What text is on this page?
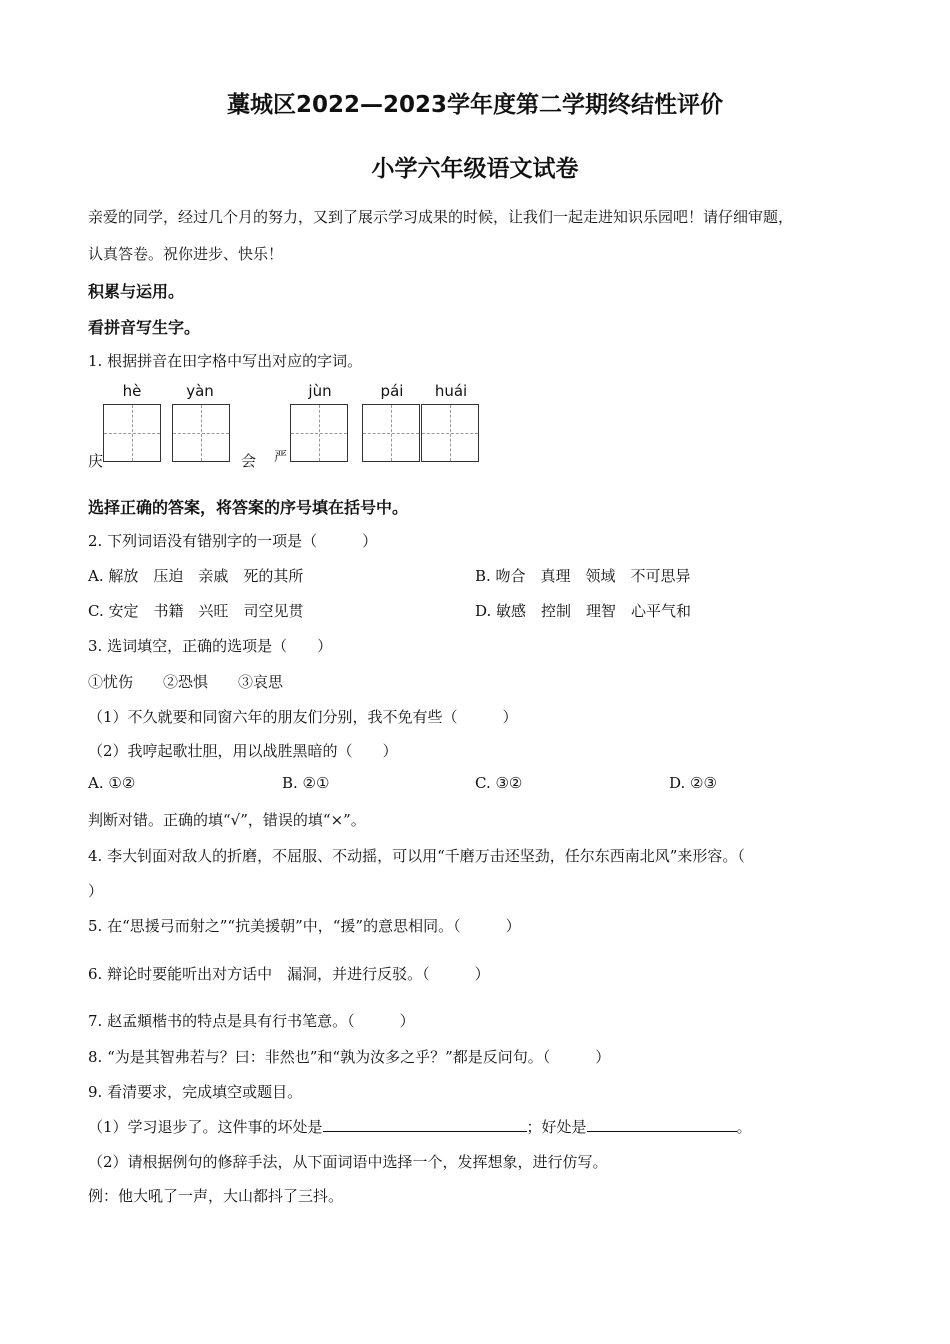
藁城区2022—2023学年度第二学期终结性评价
小学六年级语文试卷
亲爱的同学，经过几个月的努力，又到了展示学习成果的时候，让我们一起走进知识乐园吧！请仔细审题，
认真答卷。祝你进步、快乐！
积累与运用。
看拼音写生字。
1. 根据拼音在田字格中写出对应的字词。
hè	yàn	jùn	pái	huái
庆	会 严
选择正确的答案，将答案的序号填在括号中。
2. 下列词语没有错别字的一项是（　　　）
A. 解放　压迫　亲戚　死的其所	B. 吻合　真理　领域　不可思异
C. 安定　书籍　兴旺　司空见贯	D. 敏感　控制　理智　心平气和
3. 选词填空，正确的选项是（　　）
①忧伤　　②恐惧　　③哀思
（1）不久就要和同窗六年的朋友们分别，我不免有些（　　　）
（2）我哼起歌壮胆，用以战胜黑暗的（　　）
A. ①②	B. ②①	C. ③②	D. ②③
判断对错。正确的填“√”，错误的填“×”。
4. 李大钊面对敌人的折磨，不屈服、不动摇，可以用“千磨万击还坚劲，任尔东西南北风”来形容。（
）
5. 在“思援弓而射之”“抗美援朝”中，“援”的意思相同。（　　　）
6. 辩论时要能听出对方话中　漏洞，并进行反驳。（　　　）
7. 赵孟頫楷书的特点是具有行书笔意。（　　　）
8. “为是其智弗若与？曰：非然也”和“孰为汝多之乎？”都是反问句。（　　　）
9. 看清要求，完成填空或题目。
（1）学习退步了。这件事的坏处是	；好处是	。
（2）请根据例句的修辞手法，从下面词语中选择一个，发挥想象，进行仿写。
例：他大吼了一声，大山都抖了三抖。
